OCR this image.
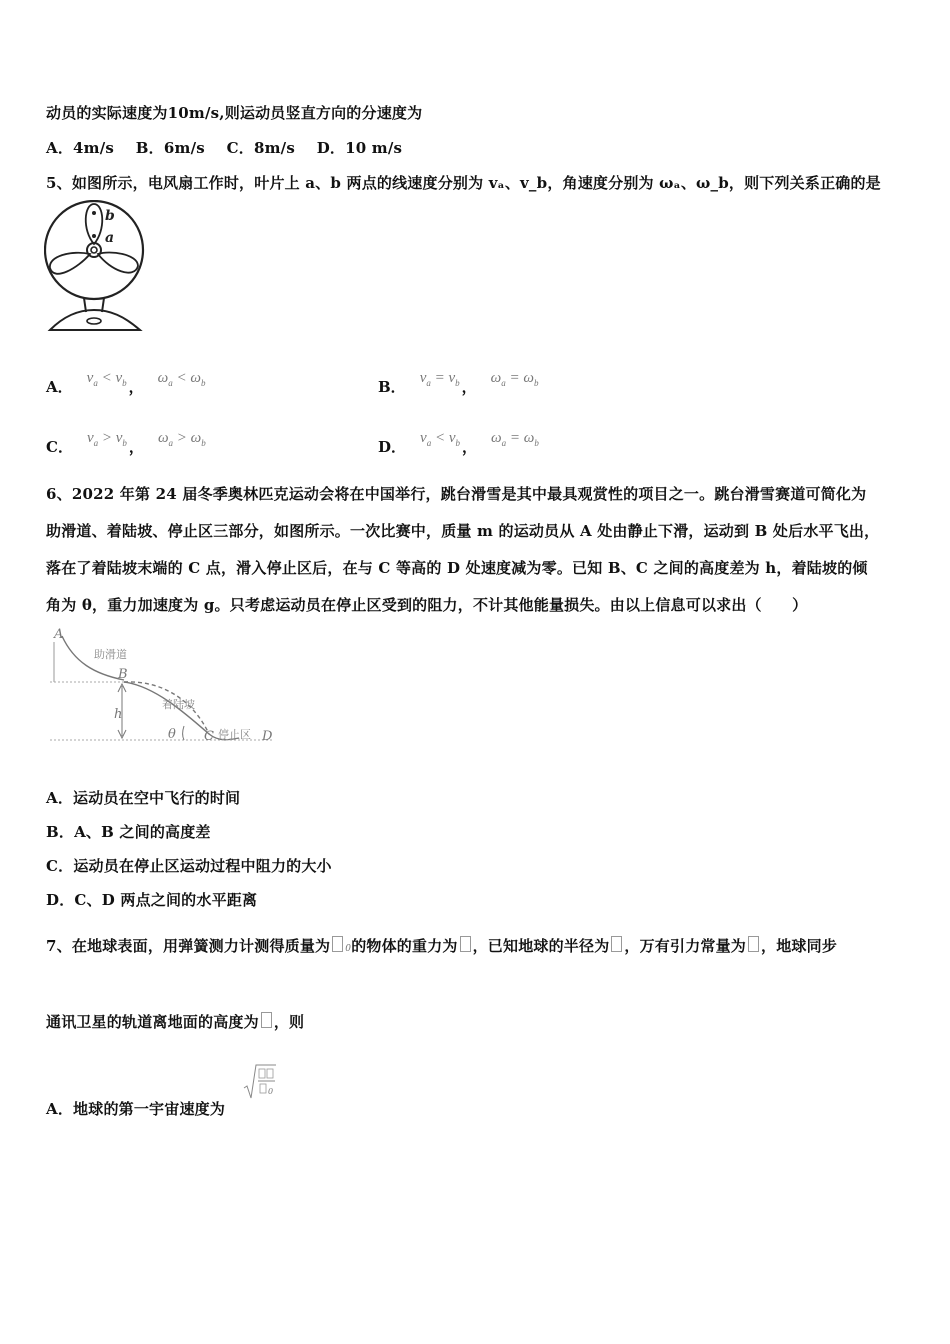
动员的实际速度为10m/s,则运动员竖直方向的分速度为
A．4m/s B．6m/s C．8m/s D．10 m/s
5、如图所示，电风扇工作时，叶片上 a、b 两点的线速度分别为 vₐ、v_b，角速度分别为 ωₐ、ω_b，则下列关系正确的是
b
a
A． $v_a < v_b$ ， $\omega_a < \omega_b$	B． $v_a = v_b$ ， $\omega_a = \omega_b$
C． $v_a > v_b$ ， $\omega_a > \omega_b$	D． $v_a < v_b$ ， $\omega_a = \omega_b$
6、2022 年第 24 届冬季奥林匹克运动会将在中国举行，跳台滑雪是其中最具观赏性的项目之一。跳台滑雪赛道可简化为
助滑道、着陆坡、停止区三部分，如图所示。一次比赛中，质量 m 的运动员从 A 处由静止下滑，运动到 B 处后水平飞出，
落在了着陆坡末端的 C 点，滑入停止区后，在与 C 等高的 D 处速度减为零。已知 B、C 之间的高度差为 h，着陆坡的倾
角为 θ，重力加速度为 g。只考虑运动员在停止区受到的阻力，不计其他能量损失。由以上信息可以求出（　　）
A
助滑道
B
着陆坡
h
θ C 停止区 D
A．运动员在空中飞行的时间
B．A、B 之间的高度差
C．运动员在停止区运动过程中阻力的大小
D．C、D 两点之间的水平距离
7、在地球表面，用弹簧测力计测得质量为 0的物体的重力为 ，已知地球的半径为 ，万有引力常量为 ，地球同步
通讯卫星的轨道离地面的高度为 ，则
A．地球的第一宇宙速度为
0
